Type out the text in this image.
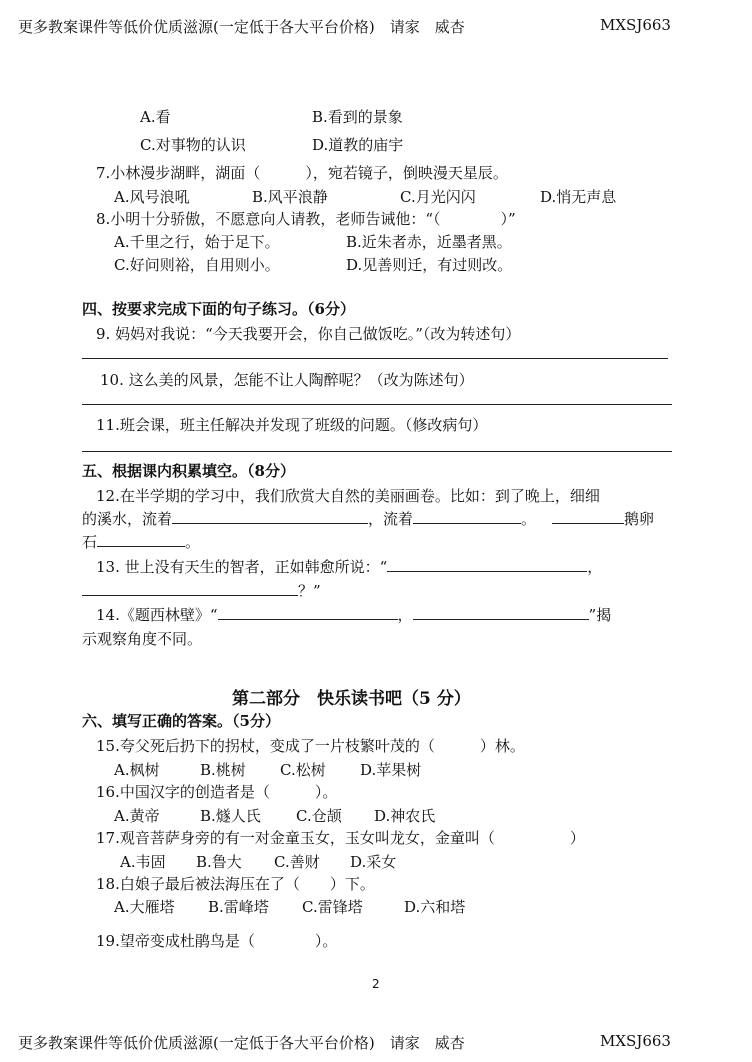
更多教案课件等低价优质滋源(一定低于各大平台价格)　请家　威杏	MXSJ663
A.看	B.看到的景象
C.对事物的认识	D.道教的庙宇
7.小林漫步湖畔，湖面（　　　），宛若镜子，倒映漫天星辰。
A.风号浪吼	B.风平浪静	C.月光闪闪	D.悄无声息
8.小明十分骄傲，不愿意向人请教，老师告诫他：“（　　　　）”
A.千里之行，始于足下。	B.近朱者赤，近墨者黑。
C.好问则裕，自用则小。	D.见善则迁，有过则改。
四、按要求完成下面的句子练习。（6分）
9. 妈妈对我说：“今天我要开会，你自己做饭吃。”（改为转述句）
10. 这么美的风景，怎能不让人陶醉呢？（改为陈述句）
11.班会课，班主任解决并发现了班级的问题。（修改病句）
五、根据课内积累填空。（8分）
12.在半学期的学习中，我们欣赏大自然的美丽画卷。比如：到了晚上，细细
的溪水，流着	，流着	。	鹅卵
石	。
13. 世上没有天生的智者，正如韩愈所说：“	，
？”
14.《题西林壁》“	，	”揭
示观察角度不同。
第二部分　快乐读书吧（5 分）
六、填写正确的答案。（5分）
15.夸父死后扔下的拐杖，变成了一片枝繁叶茂的（　　　）林。
A.枫树	B.桃树 C.松树 D.苹果树
16.中国汉字的创造者是（　　　）。
A.黄帝	B.燧人氏 C.仓颉 D.神农氏
17.观音菩萨身旁的有一对金童玉女，玉女叫龙女，金童叫（　　　　　）
A.韦固 B.鲁大 C.善财 D.采女
18.白娘子最后被法海压在了（　　）下。
A.大雁塔 B.雷峰塔 C.雷锋塔	D.六和塔
19.望帝变成杜鹃鸟是（　　　　）。
2
更多教案课件等低价优质滋源(一定低于各大平台价格)　请家　威杏	MXSJ663
